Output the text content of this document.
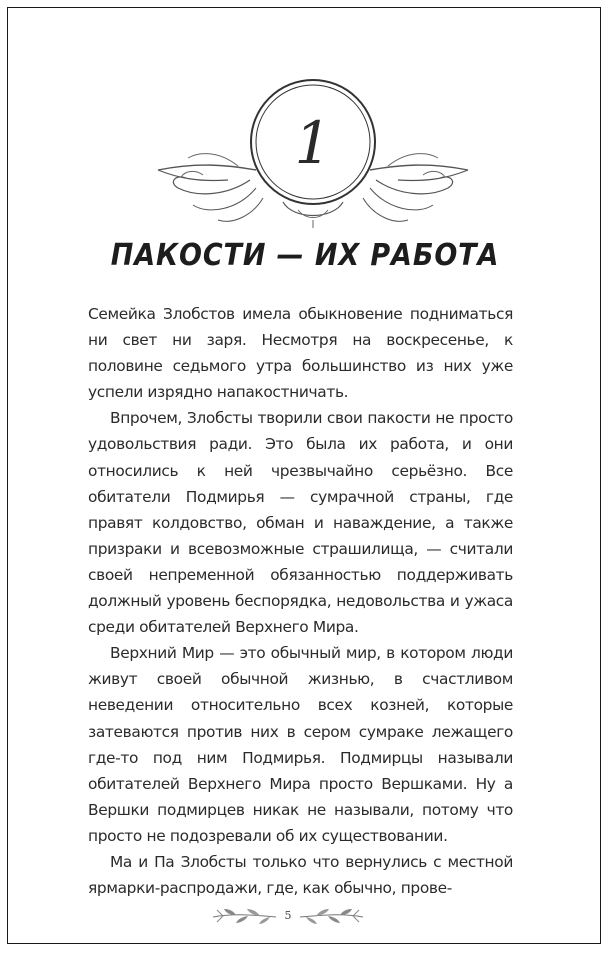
1
ПАКОСТИ — ИХ РАБОТА

Семейка Злобстов имела обыкновение подниматься ни свет ни заря. Несмотря на воскресенье, к половине седьмого утра большинство из них уже успели изрядно напакостничать.

Впрочем, Злобсты творили свои пакости не просто удовольствия ради. Это была их работа, и они относились к ней чрезвычайно серьёзно. Все обитатели Подмирья — сумрачной страны, где правят колдовство, обман и наваждение, а также призраки и всевозможные страшилища, — считали своей непременной обязанностью поддерживать должный уровень беспорядка, недовольства и ужаса среди обитателей Верхнего Мира.

Верхний Мир — это обычный мир, в котором люди живут своей обычной жизнью, в счастливом неведении относительно всех козней, которые затеваются против них в сером сумраке лежащего где-то под ним Подмирья. Подмирцы называли обитателей Верхнего Мира просто Вершками. Ну а Вершки подмирцев никак не называли, потому что просто не подозревали об их существовании.

Ма и Па Злобсты только что вернулись с местной ярмарки-распродажи, где, как обычно, прове-

5
